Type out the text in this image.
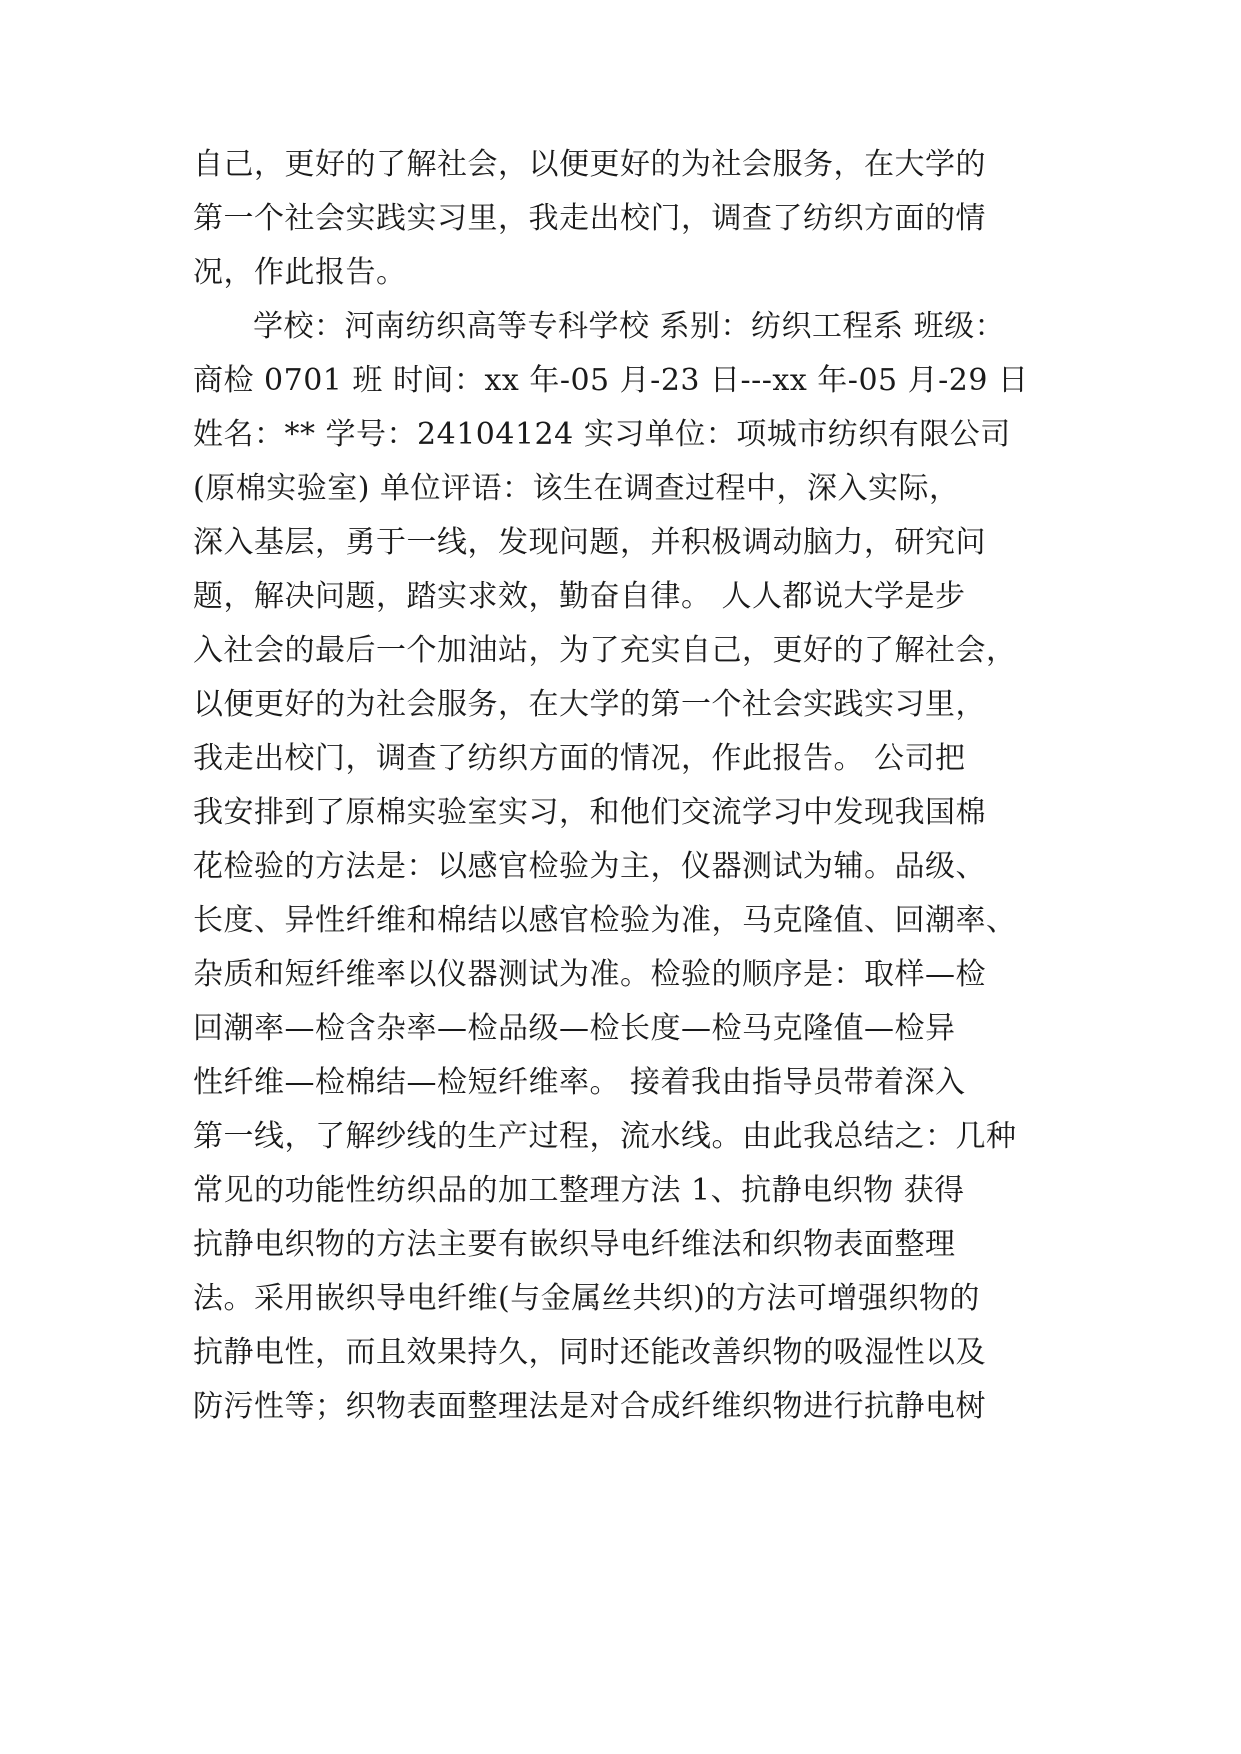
自己，更好的了解社会，以便更好的为社会服务，在大学的
第一个社会实践实习里，我走出校门，调查了纺织方面的情
况，作此报告。
学校：河南纺织高等专科学校 系别：纺织工程系 班级：
商检 0701 班 时间：xx 年-05 月-23 日---xx 年-05 月-29 日
姓名：** 学号：24104124 实习单位：项城市纺织有限公司
(原棉实验室) 单位评语：该生在调查过程中，深入实际，
深入基层，勇于一线，发现问题，并积极调动脑力，研究问
题，解决问题，踏实求效，勤奋自律。 人人都说大学是步
入社会的最后一个加油站，为了充实自己，更好的了解社会，
以便更好的为社会服务，在大学的第一个社会实践实习里，
我走出校门，调查了纺织方面的情况，作此报告。 公司把
我安排到了原棉实验室实习，和他们交流学习中发现我国棉
花检验的方法是：以感官检验为主，仪器测试为辅。品级、
长度、异性纤维和棉结以感官检验为准，马克隆值、回潮率、
杂质和短纤维率以仪器测试为准。检验的顺序是：取样—检
回潮率—检含杂率—检品级—检长度—检马克隆值—检异
性纤维—检棉结—检短纤维率。 接着我由指导员带着深入
第一线，了解纱线的生产过程，流水线。由此我总结之：几种
常见的功能性纺织品的加工整理方法 1、抗静电织物 获得
抗静电织物的方法主要有嵌织导电纤维法和织物表面整理
法。采用嵌织导电纤维(与金属丝共织)的方法可增强织物的
抗静电性，而且效果持久，同时还能改善织物的吸湿性以及
防污性等；织物表面整理法是对合成纤维织物进行抗静电树
